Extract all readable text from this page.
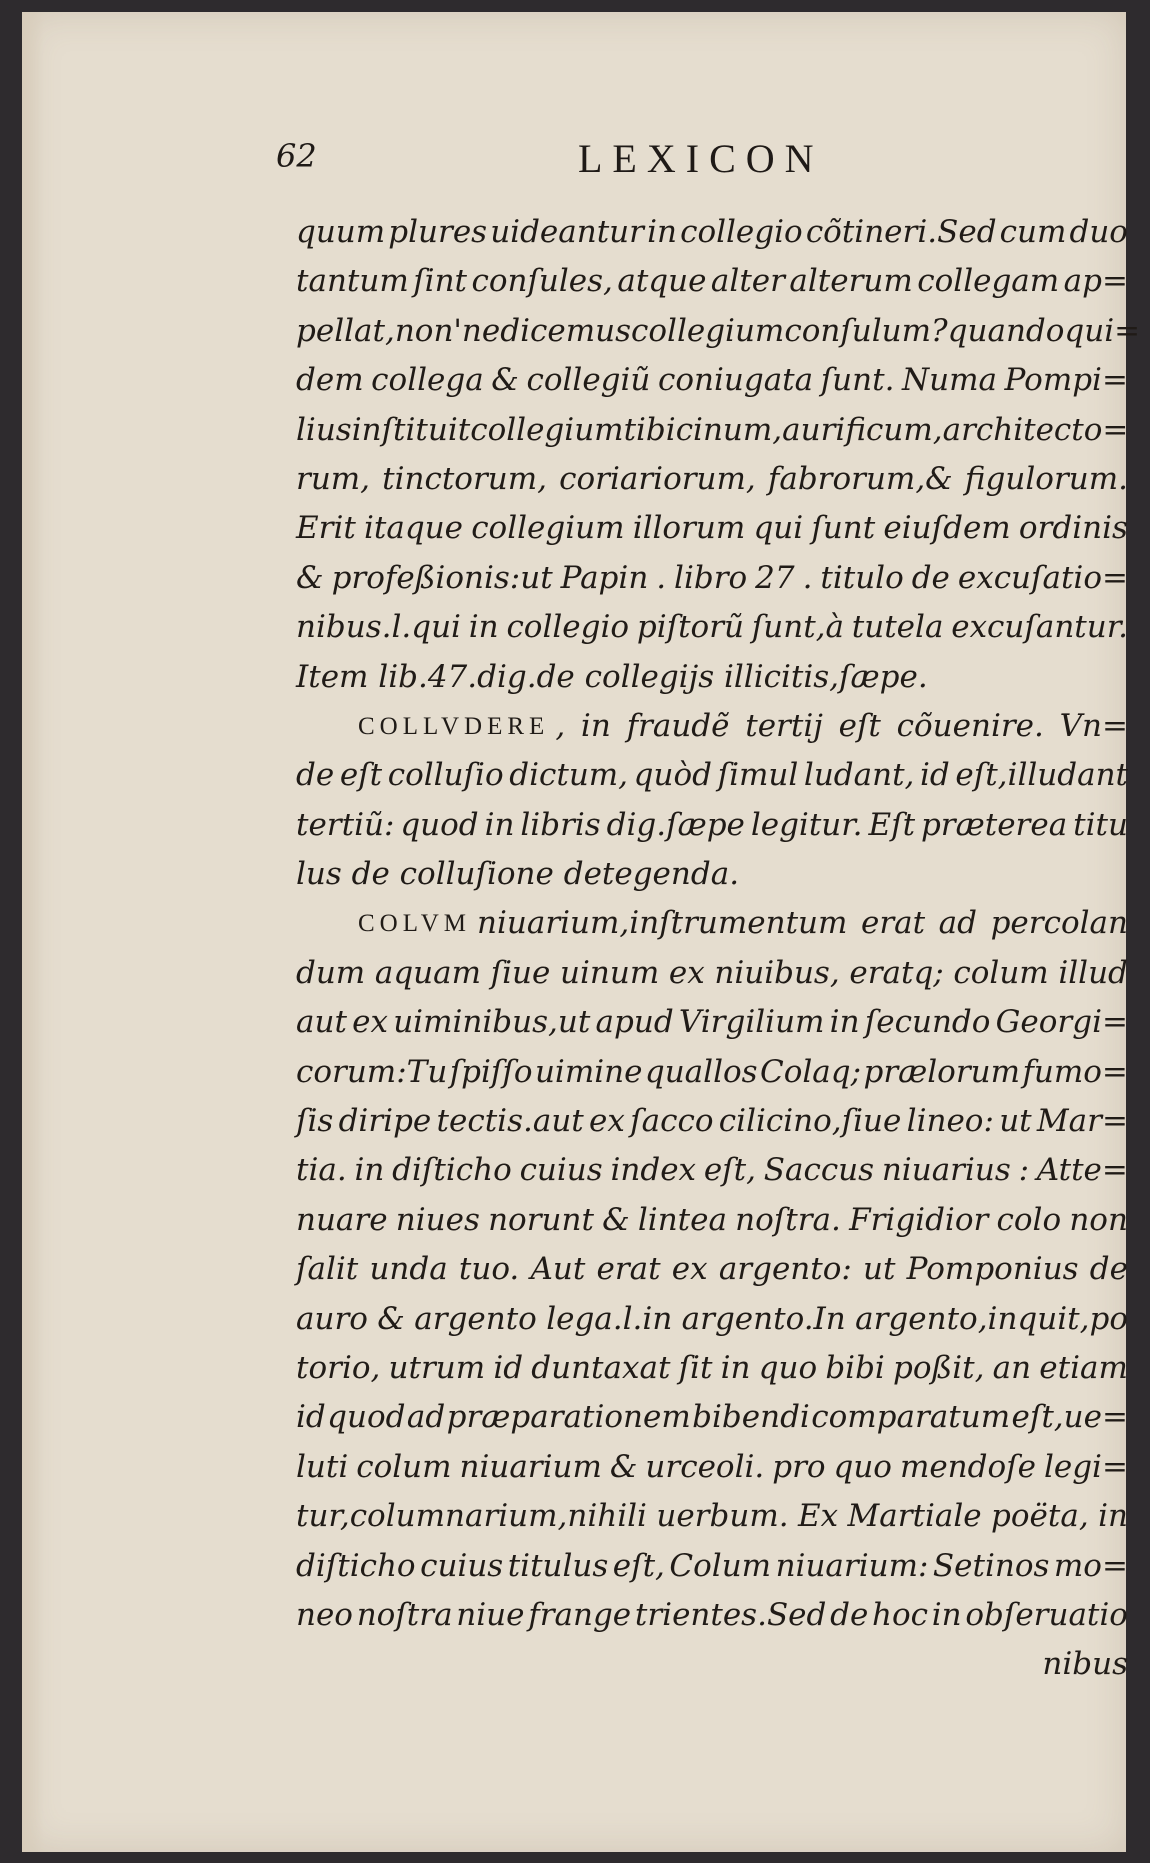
62	LEXICON
quum plures uideantur in collegio cõtineri.Sed cum duo
tantum ſint conſules, atque alter alterum collegam ap=
pellat,non'ne dicemus collegium conſulum? quandoqui=
dem collega & collegiũ coniugata ſunt. Numa Pompi=
lius inſtituit collegium tibicinum,aurificum,architecto=
rum, tinctorum, coriariorum, fabrorum,& figulorum.
Erit itaque collegium illorum qui ſunt eiuſdem ordinis
& profeßionis:ut Papin . libro 27 . titulo de excuſatio=
nibus.l.qui in collegio piſtorũ ſunt,à tutela excuſantur.
Item lib.47.dig.de collegijs illicitis,ſæpe.
COLLVDERE , in fraudẽ tertij eſt cõuenire. Vn=
de eſt colluſio dictum, quòd ſimul ludant, id eſt,illudant
tertiũ: quod in libris dig.ſæpe legitur. Eſt præterea titu
lus de colluſione detegenda.
COLVM niuarium,inſtrumentum erat ad percolan
dum aquam ſiue uinum ex niuibus, eratq; colum illud
aut ex uiminibus,ut apud Virgilium in ſecundo Georgi=
corum:Tu ſpiſſo uimine quallos Colaq; prælorum fumo=
ſis diripe tectis.aut ex ſacco cilicino,ſiue lineo: ut Mar=
tia. in diſticho cuius index eſt, Saccus niuarius : Atte=
nuare niues norunt & lintea noſtra. Frigidior colo non
ſalit unda tuo. Aut erat ex argento: ut Pomponius de
auro & argento lega.l.in argento.In argento,inquit,po
torio, utrum id duntaxat ſit in quo bibi poßit, an etiam
id quod ad præparationem bibendi comparatum eſt,ue=
luti colum niuarium & urceoli. pro quo mendoſe legi=
tur,columnarium,nihili uerbum. Ex Martiale poëta, in
diſticho cuius titulus eſt, Colum niuarium: Setinos mo=
neo noſtra niue frange trientes.Sed de hoc in obſeruatio
nibus
